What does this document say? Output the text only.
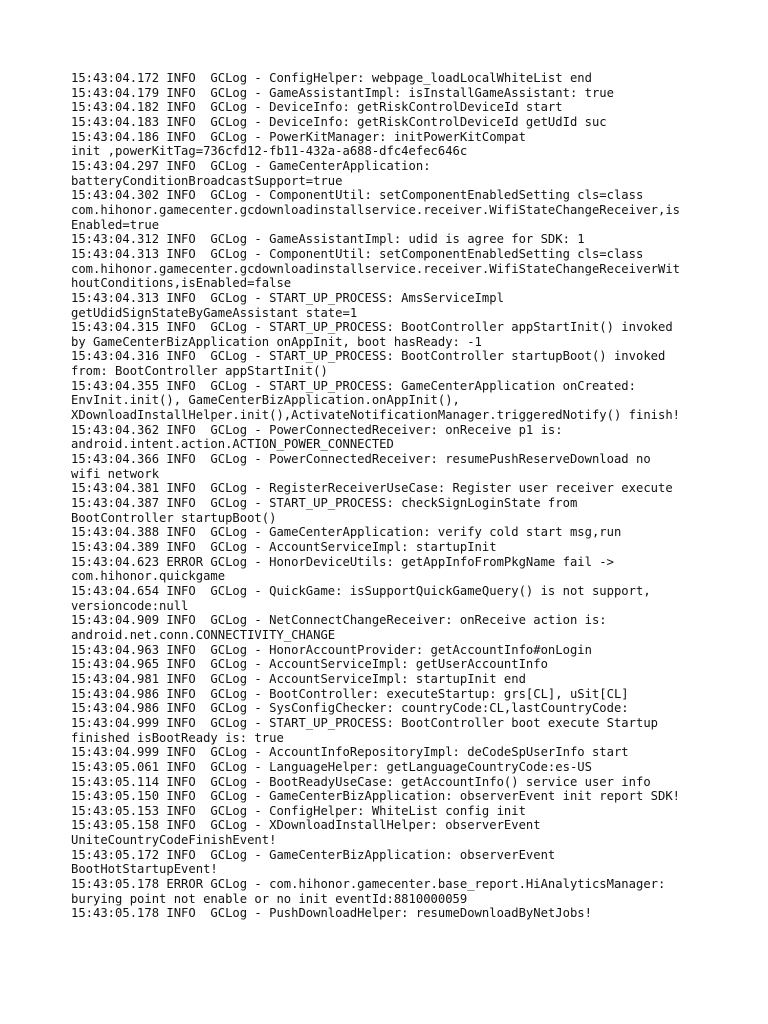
15:43:04.172 INFO  GCLog - ConfigHelper: webpage_loadLocalWhiteList end
15:43:04.179 INFO  GCLog - GameAssistantImpl: isInstallGameAssistant: true
15:43:04.182 INFO  GCLog - DeviceInfo: getRiskControlDeviceId start
15:43:04.183 INFO  GCLog - DeviceInfo: getRiskControlDeviceId getUdId suc
15:43:04.186 INFO  GCLog - PowerKitManager: initPowerKitCompat
init ,powerKitTag=736cfd12-fb11-432a-a688-dfc4efec646c
15:43:04.297 INFO  GCLog - GameCenterApplication:
batteryConditionBroadcastSupport=true
15:43:04.302 INFO  GCLog - ComponentUtil: setComponentEnabledSetting cls=class
com.hihonor.gamecenter.gcdownloadinstallservice.receiver.WifiStateChangeReceiver,is
Enabled=true
15:43:04.312 INFO  GCLog - GameAssistantImpl: udid is agree for SDK: 1
15:43:04.313 INFO  GCLog - ComponentUtil: setComponentEnabledSetting cls=class
com.hihonor.gamecenter.gcdownloadinstallservice.receiver.WifiStateChangeReceiverWit
houtConditions,isEnabled=false
15:43:04.313 INFO  GCLog - START_UP_PROCESS: AmsServiceImpl
getUdidSignStateByGameAssistant state=1
15:43:04.315 INFO  GCLog - START_UP_PROCESS: BootController appStartInit() invoked
by GameCenterBizApplication onAppInit, boot hasReady: -1
15:43:04.316 INFO  GCLog - START_UP_PROCESS: BootController startupBoot() invoked
from: BootController appStartInit()
15:43:04.355 INFO  GCLog - START_UP_PROCESS: GameCenterApplication onCreated:
EnvInit.init(), GameCenterBizApplication.onAppInit(),
XDownloadInstallHelper.init(),ActivateNotificationManager.triggeredNotify() finish!
15:43:04.362 INFO  GCLog - PowerConnectedReceiver: onReceive p1 is:
android.intent.action.ACTION_POWER_CONNECTED
15:43:04.366 INFO  GCLog - PowerConnectedReceiver: resumePushReserveDownload no
wifi network
15:43:04.381 INFO  GCLog - RegisterReceiverUseCase: Register user receiver execute
15:43:04.387 INFO  GCLog - START_UP_PROCESS: checkSignLoginState from
BootController startupBoot()
15:43:04.388 INFO  GCLog - GameCenterApplication: verify cold start msg,run
15:43:04.389 INFO  GCLog - AccountServiceImpl: startupInit
15:43:04.623 ERROR GCLog - HonorDeviceUtils: getAppInfoFromPkgName fail ->
com.hihonor.quickgame
15:43:04.654 INFO  GCLog - QuickGame: isSupportQuickGameQuery() is not support,
versioncode:null
15:43:04.909 INFO  GCLog - NetConnectChangeReceiver: onReceive action is:
android.net.conn.CONNECTIVITY_CHANGE
15:43:04.963 INFO  GCLog - HonorAccountProvider: getAccountInfo#onLogin
15:43:04.965 INFO  GCLog - AccountServiceImpl: getUserAccountInfo
15:43:04.981 INFO  GCLog - AccountServiceImpl: startupInit end
15:43:04.986 INFO  GCLog - BootController: executeStartup: grs[CL], uSit[CL]
15:43:04.986 INFO  GCLog - SysConfigChecker: countryCode:CL,lastCountryCode:
15:43:04.999 INFO  GCLog - START_UP_PROCESS: BootController boot execute Startup
finished isBootReady is: true
15:43:04.999 INFO  GCLog - AccountInfoRepositoryImpl: deCodeSpUserInfo start
15:43:05.061 INFO  GCLog - LanguageHelper: getLanguageCountryCode:es-US
15:43:05.114 INFO  GCLog - BootReadyUseCase: getAccountInfo() service user info
15:43:05.150 INFO  GCLog - GameCenterBizApplication: observerEvent init report SDK!
15:43:05.153 INFO  GCLog - ConfigHelper: WhiteList config init
15:43:05.158 INFO  GCLog - XDownloadInstallHelper: observerEvent
UniteCountryCodeFinishEvent!
15:43:05.172 INFO  GCLog - GameCenterBizApplication: observerEvent
BootHotStartupEvent!
15:43:05.178 ERROR GCLog - com.hihonor.gamecenter.base_report.HiAnalyticsManager:
burying point not enable or no init eventId:8810000059
15:43:05.178 INFO  GCLog - PushDownloadHelper: resumeDownloadByNetJobs!
